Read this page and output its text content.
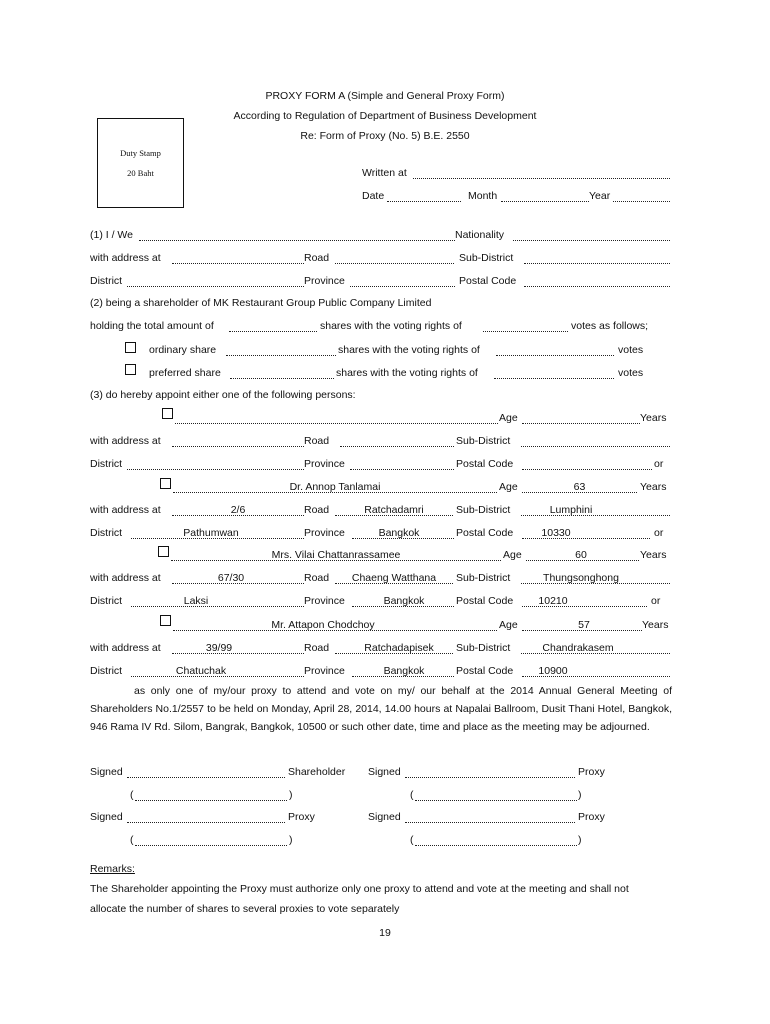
PROXY FORM A (Simple and General Proxy Form)
According to Regulation of Department of Business Development
Re: Form of Proxy (No. 5) B.E. 2550
Duty Stamp
20 Baht	Written at
Date	Month	Year
(1) I / We	Nationality
with address at	Road	Sub-District
District	Province	Postal Code
(2) being a shareholder of MK Restaurant Group Public Company Limited
holding the total amount of	shares with the voting rights of	votes as follows;
ordinary share	shares with the voting rights of	votes
preferred share	shares with the voting rights of	votes
(3) do hereby appoint either one of the following persons:
Age	Years
with address at	Road	Sub-District
District	Province	Postal Code	or
Dr. Annop Tanlamai	Age	63	Years
with address at	2/6	Road	Ratchadamri	Sub-District	Lumphini
District	Pathumwan	Province	Bangkok	Postal Code	10330	or
Mrs. Vilai Chattanrassamee	Age	60	Years
with address at	67/30	Road	Chaeng Watthana	Sub-District	Thungsonghong
District	Laksi	Province	Bangkok	Postal Code	10210	or
Mr. Attapon Chodchoy	Age	57	Years
with address at	39/99	Road	Ratchadapisek	Sub-District	Chandrakasem
District	Chatuchak	Province	Bangkok	Postal Code	10900
as only one of my/our proxy to attend and vote on my/ our behalf at the 2014 Annual General Meeting of Shareholders No.1/2557 to be held on Monday, April 28, 2014, 14.00 hours at Napalai Ballroom, Dusit Thani Hotel, Bangkok, 946 Rama IV Rd. Silom, Bangrak, Bangkok, 10500 or such other date, time and place as the meeting may be adjourned.
Signed	Shareholder Signed	Proxy
(	)	(	)
Signed	Proxy	Signed	Proxy
(	)	(	)
Remarks:
The Shareholder appointing the Proxy must authorize only one proxy to attend and vote at the meeting and shall not
allocate the number of shares to several proxies to vote separately
19
